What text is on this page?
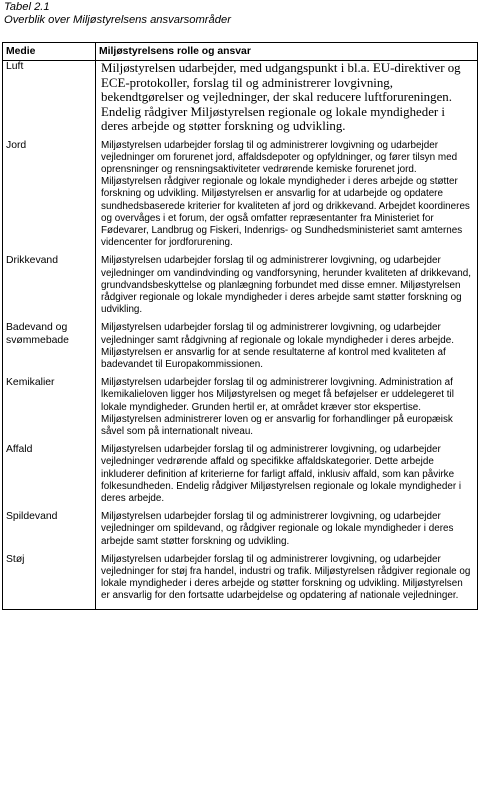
Tabel 2.1
Overblik over Miljøstyrelsens ansvarsområder
Medie	Miljøstyrelsens rolle og ansvar
Luft	Miljøstyrelsen udarbejder, med udgangspunkt i bl.a. EU-direktiver og ECE-protokoller, forslag til og administrerer lovgivning, bekendtgørelser og vejledninger, der skal reducere luftforureningen. Endelig rådgiver Miljøstyrelsen regionale og lokale myndigheder i deres arbejde og støtter forskning og udvikling.
Jord	Miljøstyrelsen udarbejder forslag til og administrerer lovgivning og udarbejder vejledninger om forurenet jord, affaldsdepoter og opfyldninger, og fører tilsyn med oprensninger og rensningsaktiviteter vedrørende kemiske forurenet jord. Miljøstyrelsen rådgiver regionale og lokale myndigheder i deres arbejde og støtter forskning og udvikling. Miljøstyrelsen er ansvarlig for at udarbejde og opdatere sundhedsbaserede kriterier for kvaliteten af jord og drikkevand. Arbejdet koordineres og overvåges i et forum, der også omfatter repræsentanter fra Ministeriet for Fødevarer, Landbrug og Fiskeri, Indenrigs- og Sundhedsministeriet samt amternes videncenter for jordforurening.
Drikkevand	Miljøstyrelsen udarbejder forslag til og administrerer lovgivning, og udarbejder vejledninger om vandindvinding og vandforsyning, herunder kvaliteten af drikkevand, grundvandsbeskyttelse og planlægning forbundet med disse emner. Miljøstyrelsen rådgiver regionale og lokale myndigheder i deres arbejde samt støtter forskning og udvikling.
Badevand og svømmebade	Miljøstyrelsen udarbejder forslag til og administrerer lovgivning, og udarbejder vejledninger samt rådgivning af regionale og lokale myndigheder i deres arbejde. Miljøstyrelsen er ansvarlig for at sende resultaterne af kontrol med kvaliteten af badevandet til Europakommissionen.
Kemikalier	Miljøstyrelsen udarbejder forslag til og administrerer lovgivning. Administration af lkemikalieloven ligger hos Miljøstyrelsen og meget få beføjelser er uddelegeret til lokale myndigheder. Grunden hertil er, at området kræver stor ekspertise. Miljøstyrelsen administrerer loven og er ansvarlig for forhandlinger på europæisk såvel som på internationalt niveau.
Affald	Miljøstyrelsen udarbejder forslag til og administrerer lovgivning, og udarbejder vejledninger vedrørende affald og specifikke affaldskategorier. Dette arbejde inkluderer definition af kriterierne for farligt affald, inklusiv affald, som kan påvirke folkesundheden. Endelig rådgiver Miljøstyrelsen regionale og lokale myndigheder i deres arbejde.
Spildevand	Miljøstyrelsen udarbejder forslag til og administrerer lovgivning, og udarbejder vejledninger om spildevand, og rådgiver regionale og lokale myndigheder i deres arbejde samt støtter forskning og udvikling.
Støj	Miljøstyrelsen udarbejder forslag til og administrerer lovgivning, og udarbejder vejledninger for støj fra handel, industri og trafik. Miljøstyrelsen rådgiver regionale og lokale myndigheder i deres arbejde og støtter forskning og udvikling. Miljøstyrelsen er ansvarlig for den fortsatte udarbejdelse og opdatering af nationale vejledninger.
